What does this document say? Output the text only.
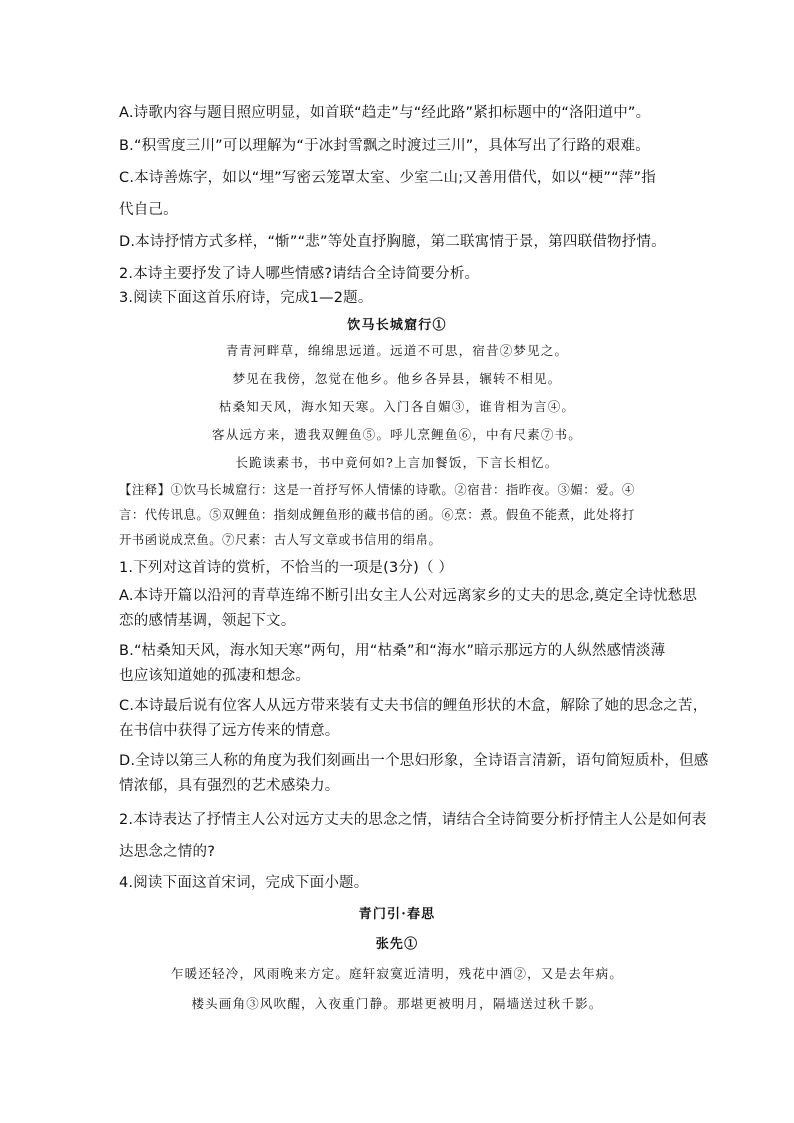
A.诗歌内容与题目照应明显，如首联“趋走”与“经此路”紧扣标题中的“洛阳道中”。
B.“积雪度三川”可以理解为“于冰封雪飘之时渡过三川”，具体写出了行路的艰难。
C.本诗善炼字，如以“埋”写密云笼罩太室、少室二山;又善用借代，如以“梗”“萍”指
代自己。
D.本诗抒情方式多样，“惭”“悲”等处直抒胸臆，第二联寓情于景，第四联借物抒情。
2.本诗主要抒发了诗人哪些情感?请结合全诗简要分析。
3.阅读下面这首乐府诗，完成1—2题。
饮马长城窟行①
青青河畔草，绵绵思远道。远道不可思，宿昔②梦见之。
梦见在我傍，忽觉在他乡。他乡各异县，辗转不相见。
枯桑知天风，海水知天寒。入门各自媚③，谁肯相为言④。
客从远方来，遗我双鲤鱼⑤。呼儿烹鲤鱼⑥，中有尺素⑦书。
长跪读素书，书中竟何如?上言加餐饭，下言长相忆。
【注释】①饮马长城窟行：这是一首抒写怀人情愫的诗歌。②宿昔：指昨夜。③媚：爱。④
言：代传讯息。⑤双鲤鱼：指刻成鲤鱼形的藏书信的函。⑥烹：煮。假鱼不能煮，此处将打
开书函说成烹鱼。⑦尺素：古人写文章或书信用的绢帛。
1.下列对这首诗的赏析，不恰当的一项是(3分)（ ）
A.本诗开篇以沿河的青草连绵不断引出女主人公对远离家乡的丈夫的思念,奠定全诗忧愁思
恋的感情基调，领起下文。
B.“枯桑知天风，海水知天寒”两句，用“枯桑”和“海水”暗示那远方的人纵然感情淡薄
也应该知道她的孤凄和想念。
C.本诗最后说有位客人从远方带来装有丈夫书信的鲤鱼形状的木盒，解除了她的思念之苦，
在书信中获得了远方传来的情意。
D.全诗以第三人称的角度为我们刻画出一个思妇形象，全诗语言清新，语句简短质朴，但感
情浓郁，具有强烈的艺术感染力。
2.本诗表达了抒情主人公对远方丈夫的思念之情，请结合全诗简要分析抒情主人公是如何表
达思念之情的?
4.阅读下面这首宋词，完成下面小题。
青门引·春思
张先①
乍暖还轻冷，风雨晚来方定。庭轩寂寞近清明，残花中酒②，又是去年病。
楼头画角③风吹醒，入夜重门静。那堪更被明月，隔墙送过秋千影。
